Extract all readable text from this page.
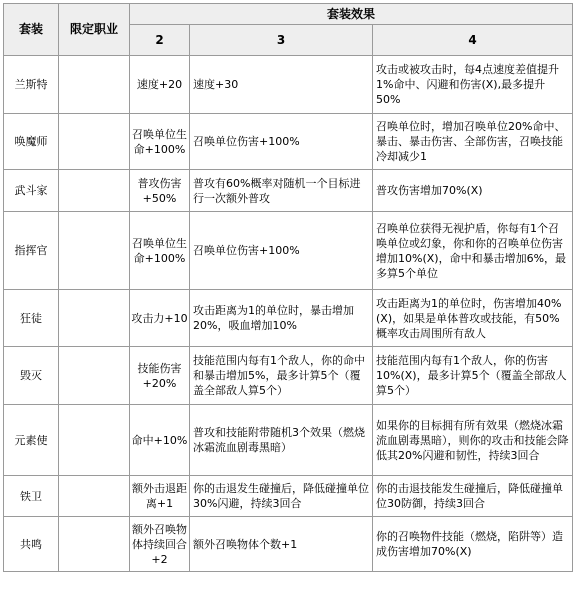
套装	限定职业	套装效果		
		2	3	4
兰斯特		速度+20	速度+30	攻击或被攻击时，每4点速度差值提升1%命中、闪避和伤害(X),最多提升50%
唤魔师		召唤单位生命+100%	召唤单位伤害+100%	召唤单位时，增加召唤单位20%命中、暴击、暴击伤害、全部伤害，召唤技能冷却减少1
武斗家		普攻伤害+50%	普攻有60%概率对随机一个目标进行一次额外普攻	普攻伤害增加70%(X)
指挥官		召唤单位生命+100%	召唤单位伤害+100%	召唤单位获得无视护盾，你每有1个召唤单位或幻象，你和你的召唤单位伤害增加10%(X)，命中和暴击增加6%，最多算5个单位
狂徒		攻击力+10	攻击距离为1的单位时，暴击增加20%，吸血增加10%	攻击距离为1的单位时，伤害增加40%(X)，如果是单体普攻或技能，有50%概率攻击周围所有敌人
毁灭		技能伤害+20%	技能范围内每有1个敌人，你的命中和暴击增加5%，最多计算5个（覆盖全部敌人算5个）	技能范围内每有1个敌人，你的伤害10%(X)，最多计算5个（覆盖全部敌人算5个）
元素使		命中+10%	普攻和技能附带随机3个效果（燃烧冰霜流血剧毒黑暗）	如果你的目标拥有所有效果（燃烧冰霜流血剧毒黑暗），则你的攻击和技能会降低其20%闪避和韧性，持续3回合
铁卫		额外击退距离+1	你的击退发生碰撞后，降低碰撞单位30%闪避，持续3回合	你的击退技能发生碰撞后，降低碰撞单位30防御，持续3回合
共鸣		额外召唤物体持续回合+2	额外召唤物体个数+1	你的召唤物件技能（燃烧，陷阱等）造成伤害增加70%(X)
